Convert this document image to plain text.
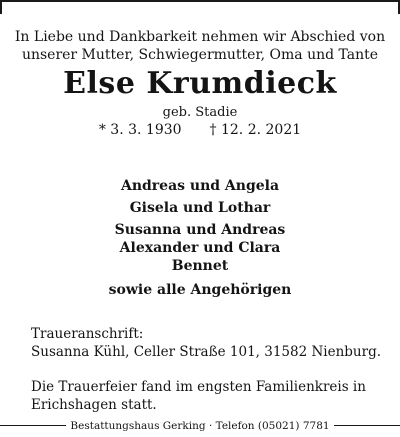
In Liebe und Dankbarkeit nehmen wir Abschied von
unserer Mutter, Schwiegermutter, Oma und Tante
Else Krumdieck
geb. Stadie
* 3. 3. 1930 † 12. 2. 2021
Andreas und Angela
Gisela und Lothar
Susanna und Andreas
Alexander und Clara
Bennet
sowie alle Angehörigen
Traueranschrift:
Susanna Kühl, Celler Straße 101, 31582 Nienburg.
Die Trauerfeier fand im engsten Familienkreis in
Erichshagen statt.
Bestattungshaus Gerking · Telefon (05021) 7781
